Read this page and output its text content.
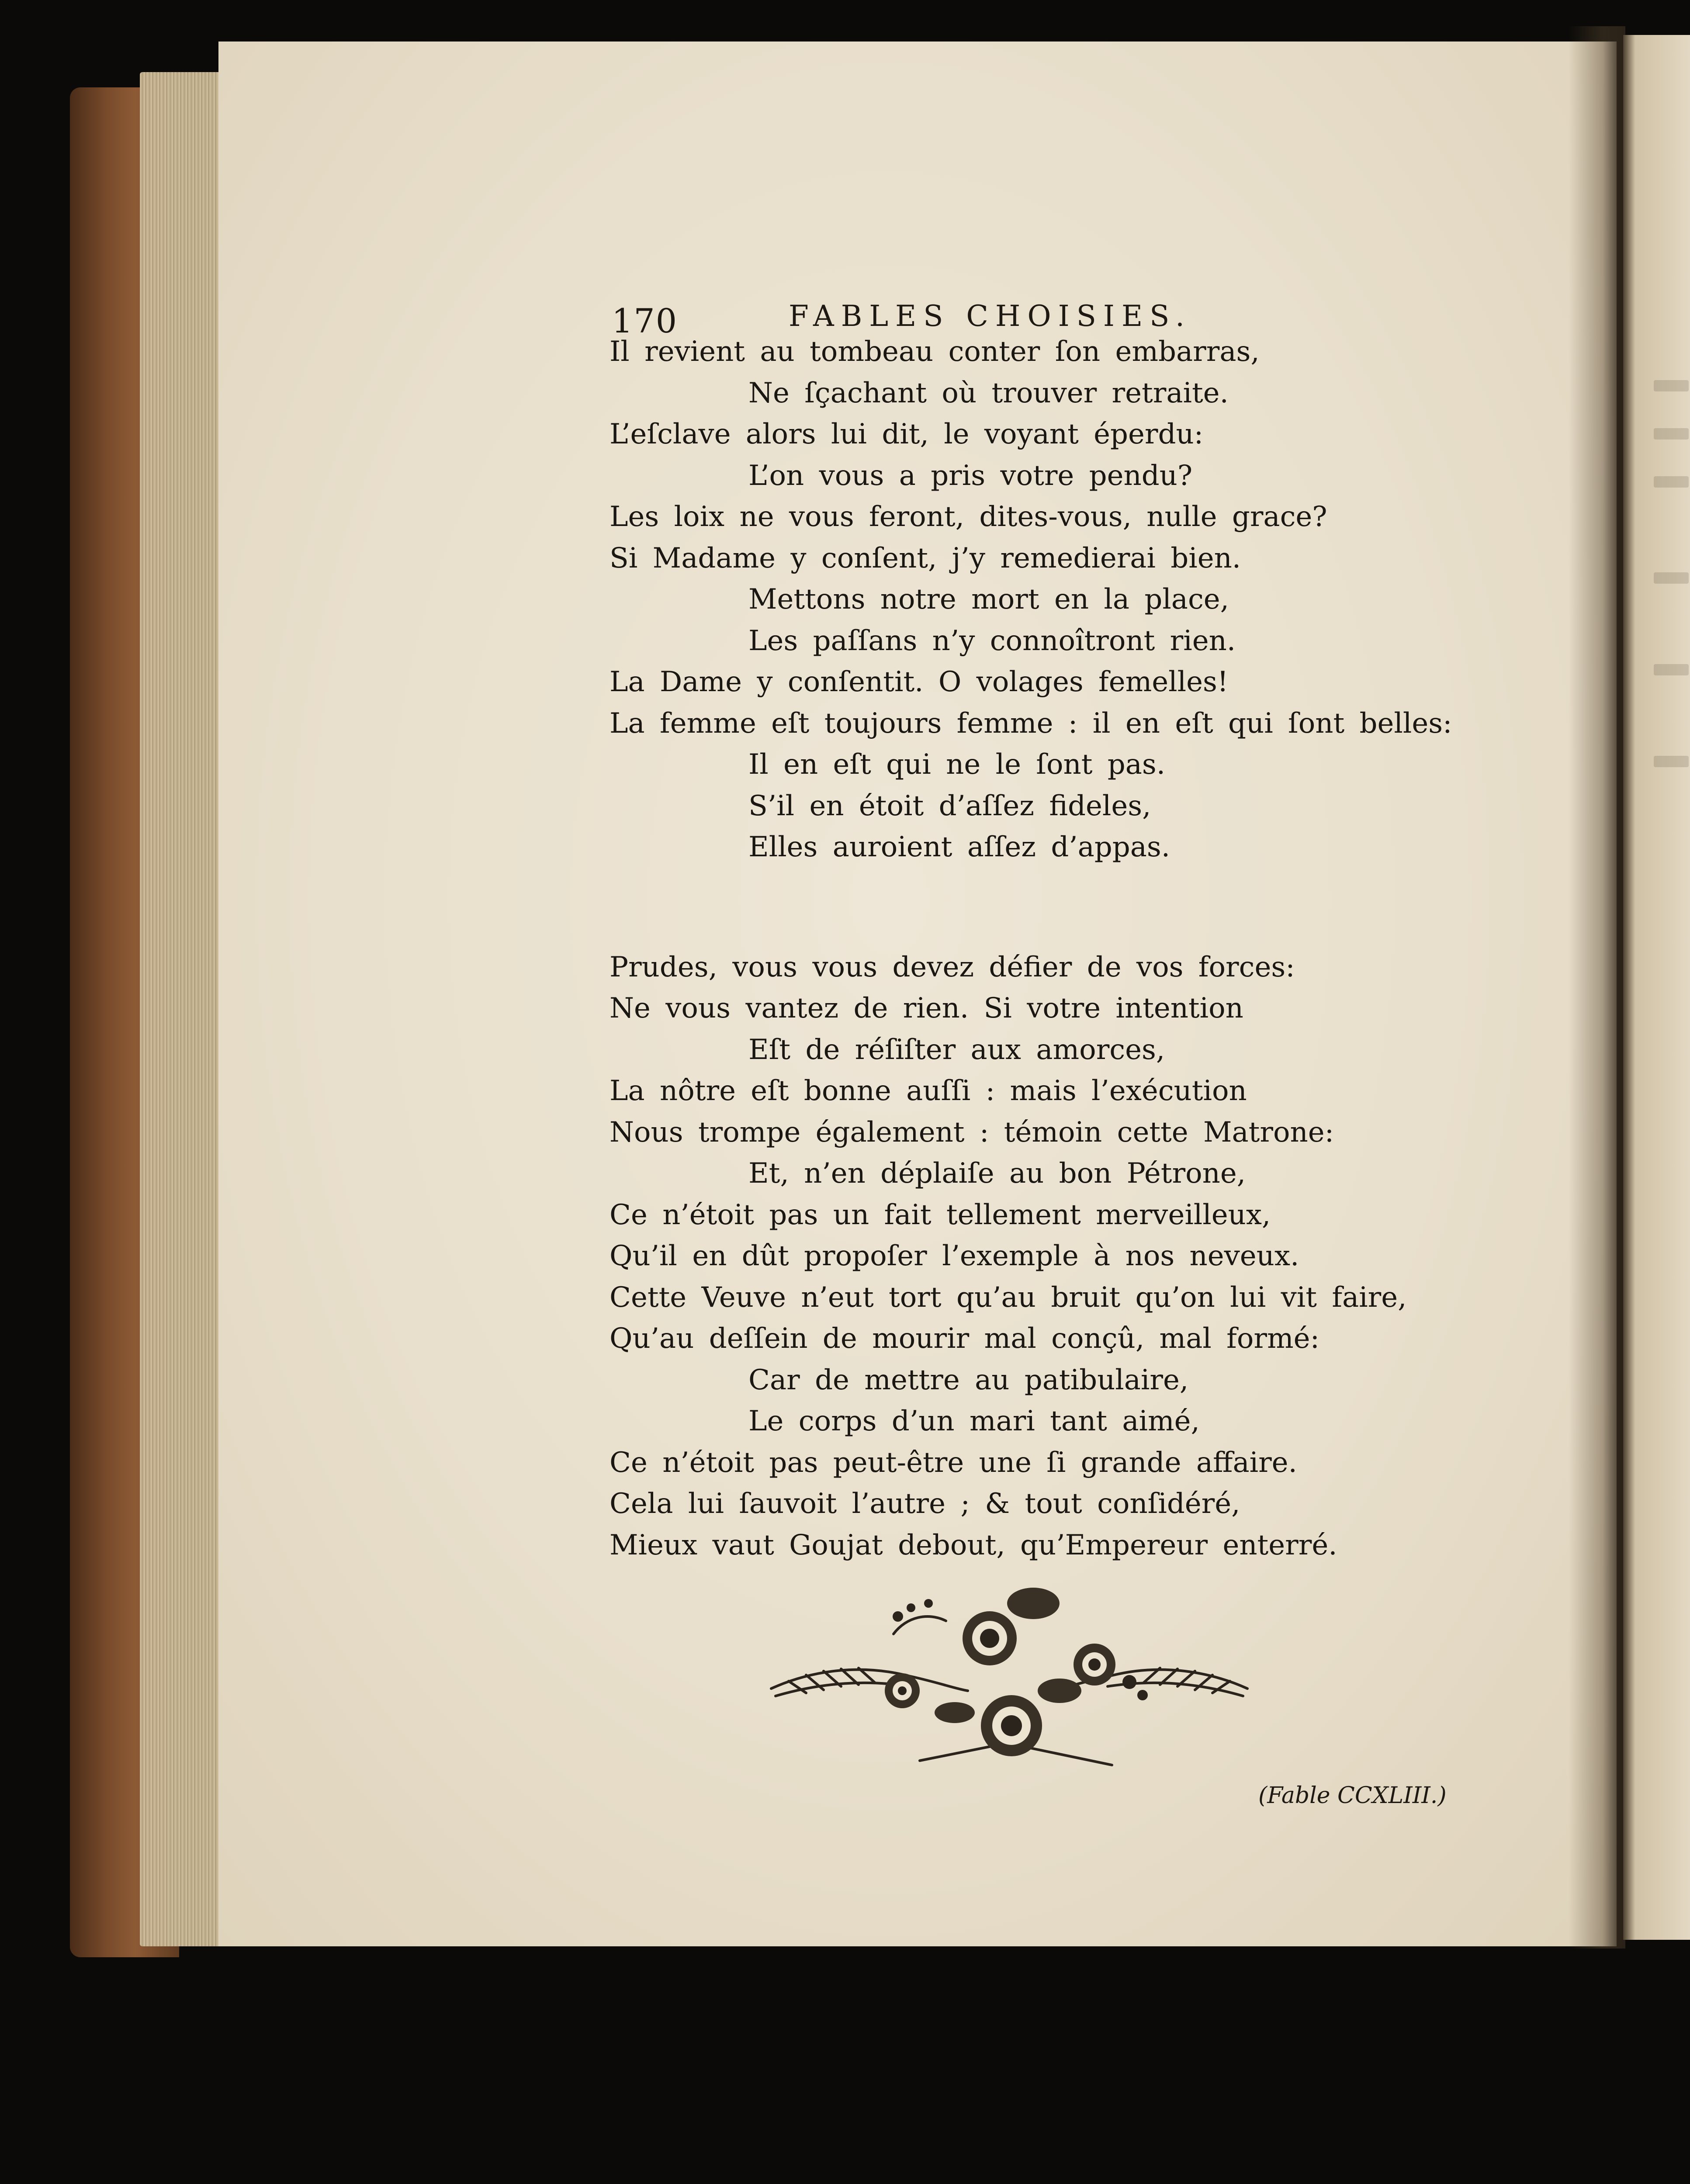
170	FABLES CHOISIES.
Il revient au tombeau conter ſon embarras,
Ne ſçachant où trouver retraite.
L’eſclave alors lui dit, le voyant éperdu:
L’on vous a pris votre pendu?
Les loix ne vous feront, dites-vous, nulle grace?
Si Madame y conſent, j’y remedierai bien.
Mettons notre mort en la place,
Les paſſans n’y connoîtront rien.
La Dame y conſentit. O volages femelles!
La femme eſt toujours femme : il en eſt qui ſont belles:
Il en eſt qui ne le ſont pas.
S’il en étoit d’aſſez fideles,
Elles auroient aſſez d’appas.
Prudes, vous vous devez défier de vos forces:
Ne vous vantez de rien. Si votre intention
Eſt de réſiſter aux amorces,
La nôtre eſt bonne auſſi : mais l’exécution
Nous trompe également : témoin cette Matrone:
Et, n’en déplaiſe au bon Pétrone,
Ce n’étoit pas un fait tellement merveilleux,
Qu’il en dût propoſer l’exemple à nos neveux.
Cette Veuve n’eut tort qu’au bruit qu’on lui vit faire,
Qu’au deſſein de mourir mal conçû, mal formé:
Car de mettre au patibulaire,
Le corps d’un mari tant aimé,
Ce n’étoit pas peut-être une ſi grande affaire.
Cela lui ſauvoit l’autre ; & tout conſidéré,
Mieux vaut Goujat debout, qu’Empereur enterré.
(Fable CCXLIII.)
